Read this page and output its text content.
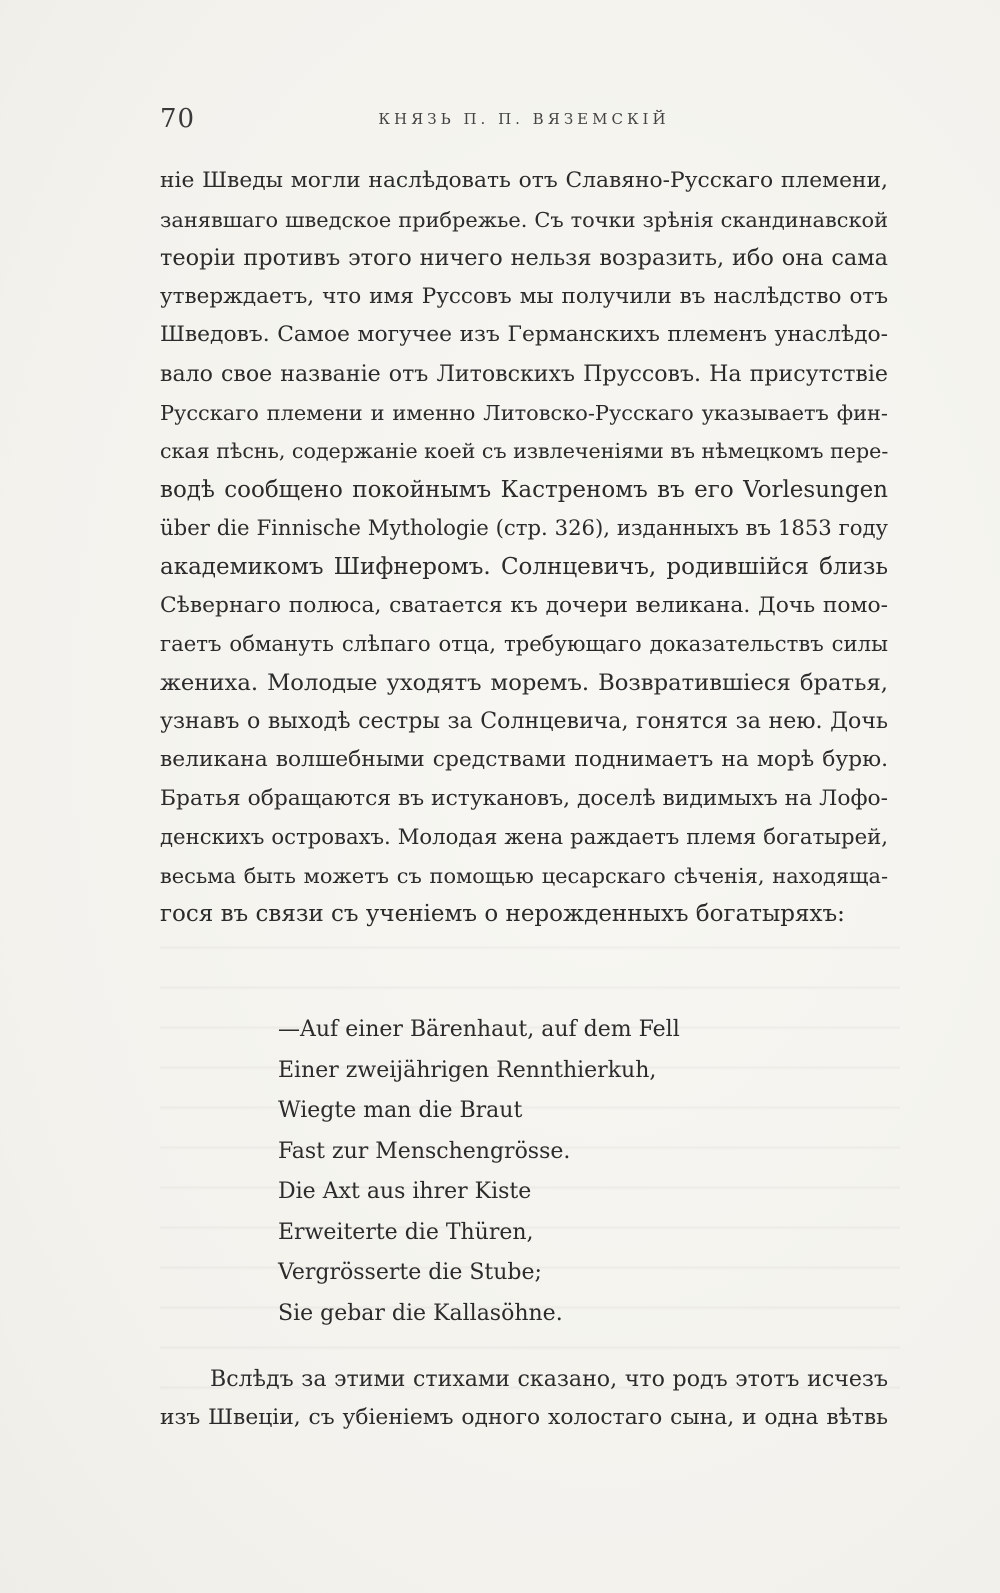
70	КНЯЗЬ П. П. ВЯЗЕМСКІЙ
ніе Шведы могли наслѣдовать отъ Славяно-Русскаго племени,
занявшаго шведское прибрежье. Съ точки зрѣнія скандинавской
теоріи противъ этого ничего нельзя возразить, ибо она сама
утверждаетъ, что имя Руссовъ мы получили въ наслѣдство отъ
Шведовъ. Самое могучее изъ Германскихъ племенъ унаслѣдо-
вало свое названіе отъ Литовскихъ Пруссовъ. На присутствіе
Русскаго племени и именно Литовско-Русскаго указываетъ фин-
ская пѣснь, содержаніе коей съ извлеченіями въ нѣмецкомъ пере-
водѣ сообщено покойнымъ Кастреномъ въ его Vorlesungen
über die Finnische Mythologie (стр. 326), изданныхъ въ 1853 году
академикомъ Шифнеромъ. Солнцевичъ, родившійся близь
Сѣвернаго полюса, сватается къ дочери великана. Дочь помо-
гаетъ обмануть слѣпаго отца, требующаго доказательствъ силы
жениха. Молодые уходятъ моремъ. Возвратившіеся братья,
узнавъ о выходѣ сестры за Солнцевича, гонятся за нею. Дочь
великана волшебными средствами поднимаетъ на морѣ бурю.
Братья обращаются въ истукановъ, доселѣ видимыхъ на Лофо-
денскихъ островахъ. Молодая жена раждаетъ племя богатырей,
весьма быть можетъ съ помощью цесарскаго сѣченія, находяща-
гося въ связи съ ученіемъ о нерожденныхъ богатыряхъ:
—Auf einer Bärenhaut, auf dem Fell
Einer zweijährigen Rennthierkuh,
Wiegte man die Braut
Fast zur Menschengrösse.
Die Axt aus ihrer Kiste
Erweiterte die Thüren,
Vergrösserte die Stube;
Sie gebar die Kallasöhne.
Вслѣдъ за этими стихами сказано, что родъ этотъ исчезъ
изъ Швеціи, съ убіеніемъ одного холостаго сына, и одна вѣтвь
